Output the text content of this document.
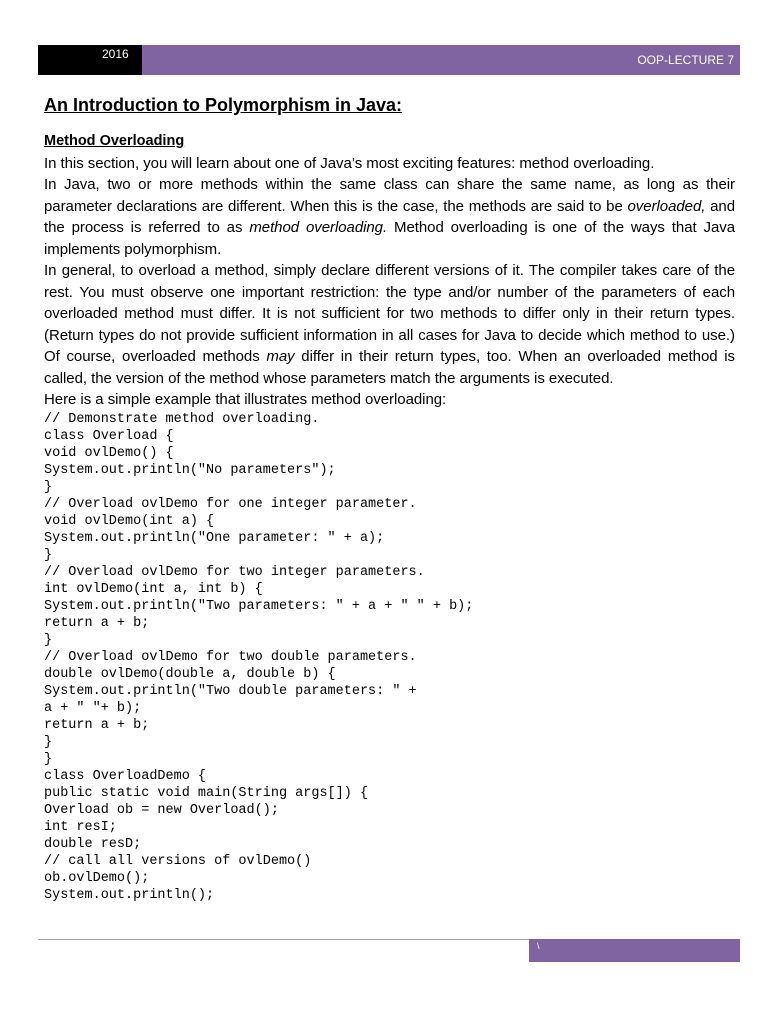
2016	OOP-LECTURE 7
An Introduction to Polymorphism in Java:
Method Overloading

In this section, you will learn about one of Java’s most exciting features: method overloading.

In Java, two or more methods within the same class can share the same name, as long as their parameter declarations are different. When this is the case, the methods are said to be overloaded, and the process is referred to as method overloading. Method overloading is one of the ways that Java implements polymorphism.

In general, to overload a method, simply declare different versions of it. The compiler takes care of the rest. You must observe one important restriction: the type and/or number of the parameters of each overloaded method must differ. It is not sufficient for two methods to differ only in their return types. (Return types do not provide sufficient information in all cases for Java to decide which method to use.) Of course, overloaded methods may differ in their return types, too. When an overloaded method is called, the version of the method whose parameters match the arguments is executed.

Here is a simple example that illustrates method overloading:

// Demonstrate method overloading.
class Overload {
void ovlDemo() {
System.out.println("No parameters");
}
// Overload ovlDemo for one integer parameter.
void ovlDemo(int a) {
System.out.println("One parameter: " + a);
}
// Overload ovlDemo for two integer parameters.
int ovlDemo(int a, int b) {
System.out.println("Two parameters: " + a + " " + b);
return a + b;
}
// Overload ovlDemo for two double parameters.
double ovlDemo(double a, double b) {
System.out.println("Two double parameters: " +
a + " "+ b);
return a + b;
}
}
class OverloadDemo {
public static void main(String args[]) {
Overload ob = new Overload();
int resI;
double resD;
// call all versions of ovlDemo()
ob.ovlDemo();
System.out.println();
\
